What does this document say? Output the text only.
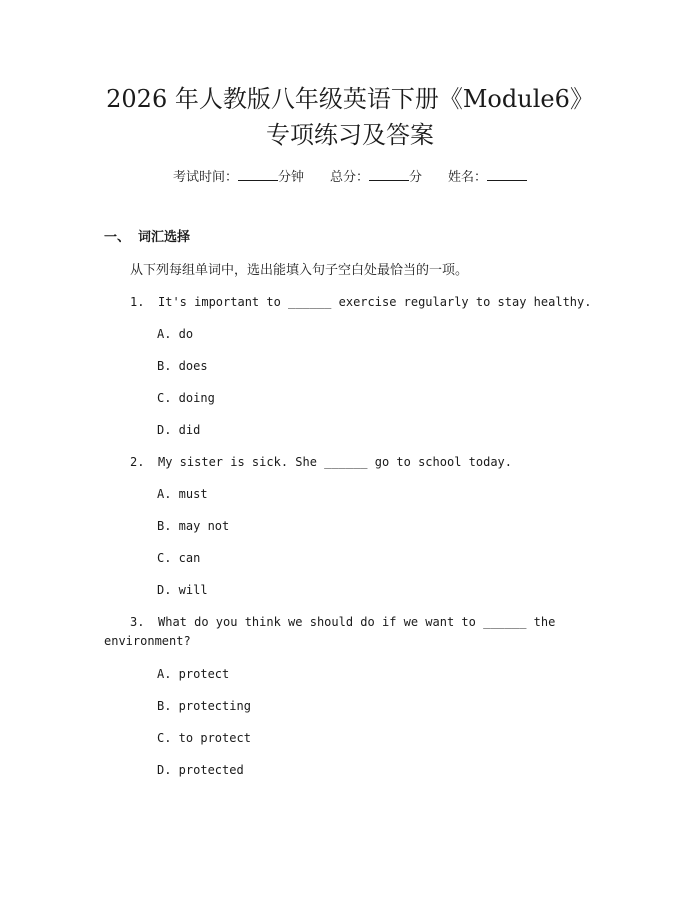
2026 年人教版八年级英语下册《Module6》
专项练习及答案
考试时间：	分钟 总分：	分 姓名：
一、 词汇选择
从下列每组单词中，选出能填入句子空白处最恰当的一项。
1. It's important to ______ exercise regularly to stay healthy.
A. do
B. does
C. doing
D. did
2. My sister is sick. She ______ go to school today.
A. must
B. may not
C. can
D. will
3. What do you think we should do if we want to ______ the
environment?
A. protect
B. protecting
C. to protect
D. protected
